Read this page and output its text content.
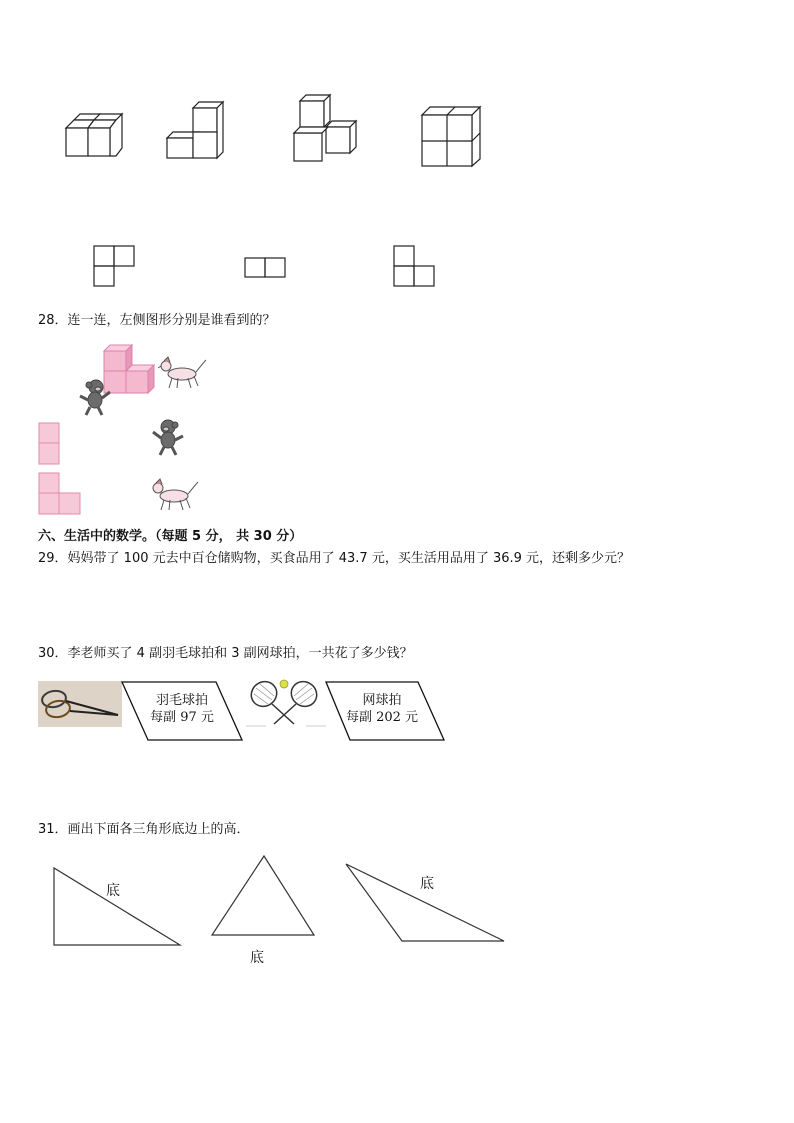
28．连一连，左侧图形分别是谁看到的？
六、生活中的数学。（每题 5 分， 共 30 分）
29．妈妈带了 100 元去中百仓储购物，买食品用了 43.7 元，买生活用品用了 36.9 元，还剩多少元？
30．李老师买了 4 副羽毛球拍和 3 副网球拍，一共花了多少钱？
羽毛球拍
每副 97 元
网球拍
每副 202 元
31．画出下面各三角形底边上的高．
底
底
底
